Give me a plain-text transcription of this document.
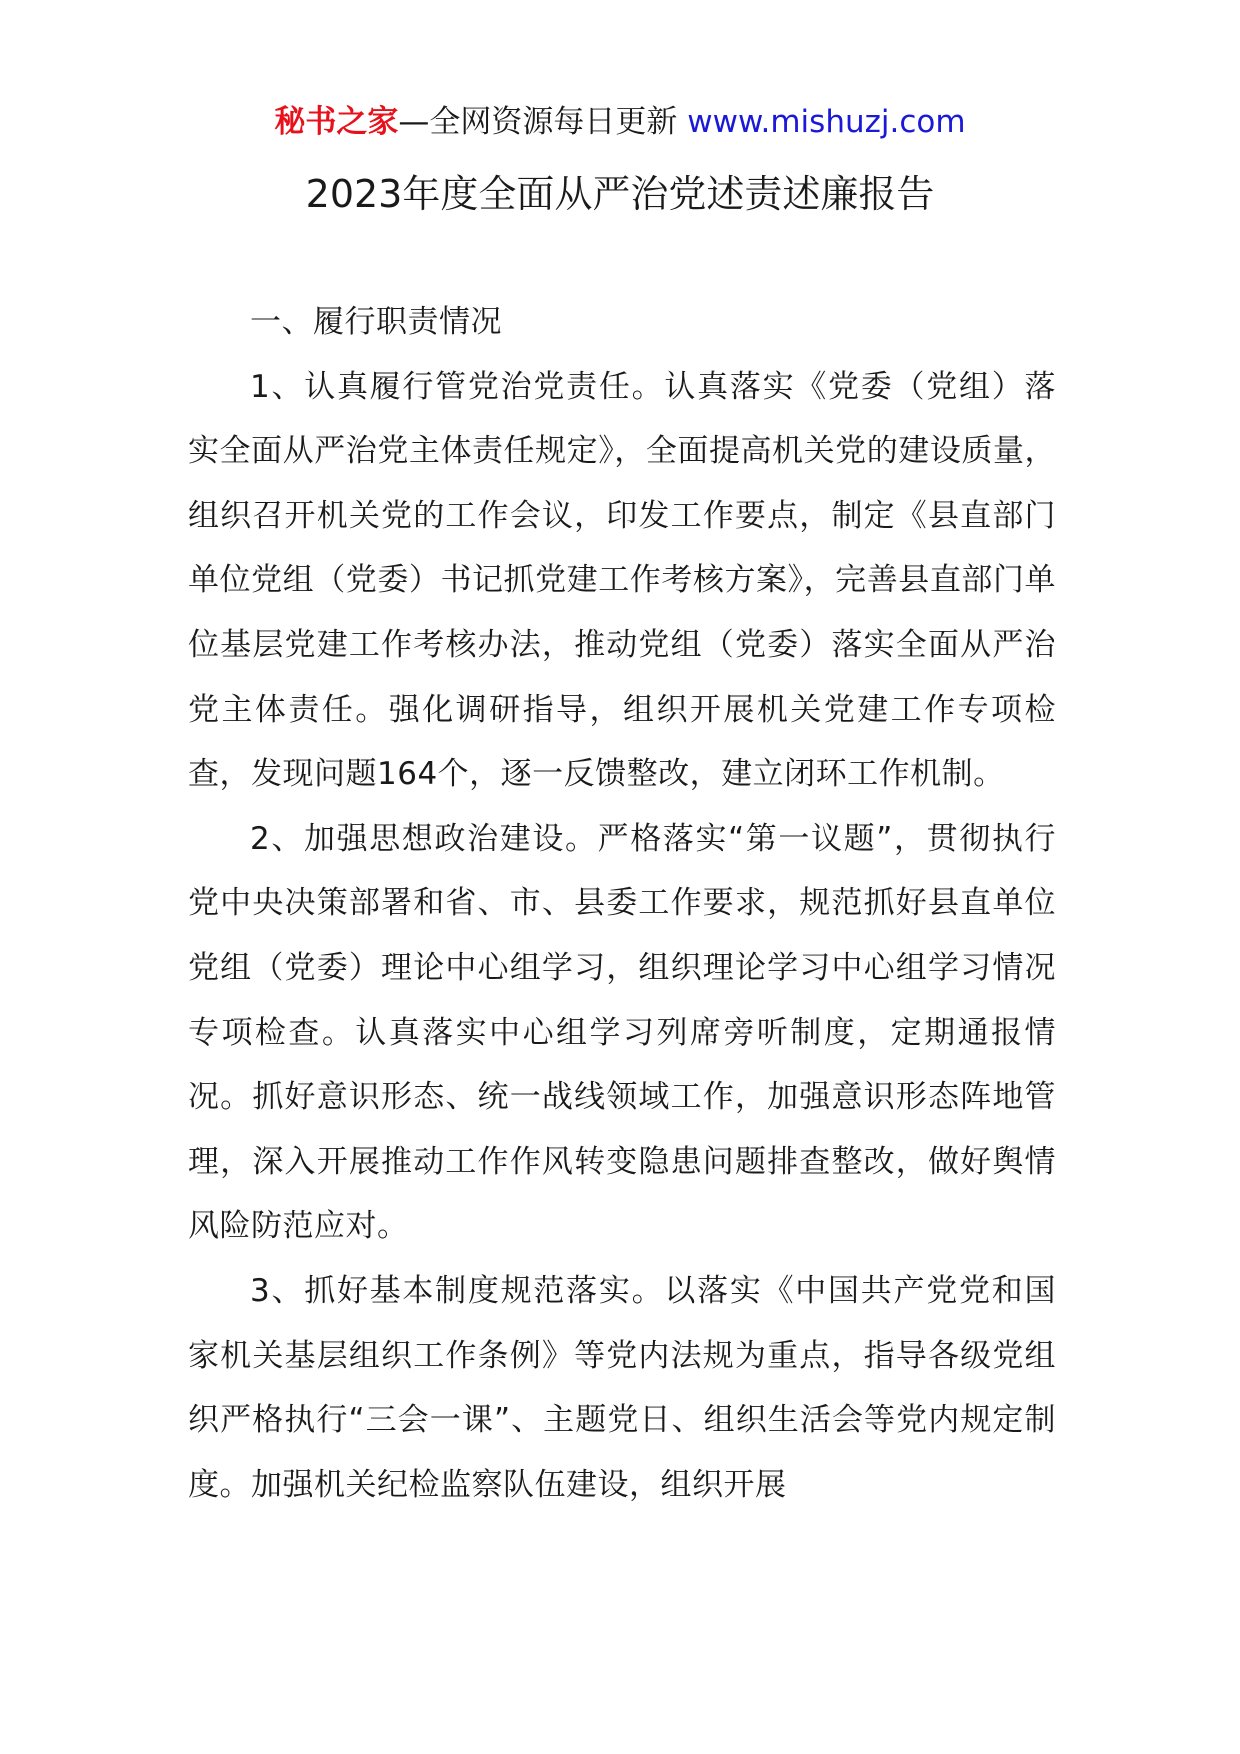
秘书之家—全网资源每日更新 www.mishuzj.com
2023年度全面从严治党述责述廉报告

一、履行职责情况

1、认真履行管党治党责任。认真落实《党委（党组）落实全面从严治党主体责任规定》，全面提高机关党的建设质量，组织召开机关党的工作会议，印发工作要点，制定《县直部门单位党组（党委）书记抓党建工作考核方案》，完善县直部门单位基层党建工作考核办法，推动党组（党委）落实全面从严治党主体责任。强化调研指导，组织开展机关党建工作专项检查，发现问题164个，逐一反馈整改，建立闭环工作机制。

2、加强思想政治建设。严格落实“第一议题”，贯彻执行党中央决策部署和省、市、县委工作要求，规范抓好县直单位党组（党委）理论中心组学习，组织理论学习中心组学习情况专项检查。认真落实中心组学习列席旁听制度，定期通报情况。抓好意识形态、统一战线领域工作，加强意识形态阵地管理，深入开展推动工作作风转变隐患问题排查整改，做好舆情风险防范应对。

3、抓好基本制度规范落实。以落实《中国共产党党和国家机关基层组织工作条例》等党内法规为重点，指导各级党组织严格执行“三会一课”、主题党日、组织生活会等党内规定制度。加强机关纪检监察队伍建设，组织开展
